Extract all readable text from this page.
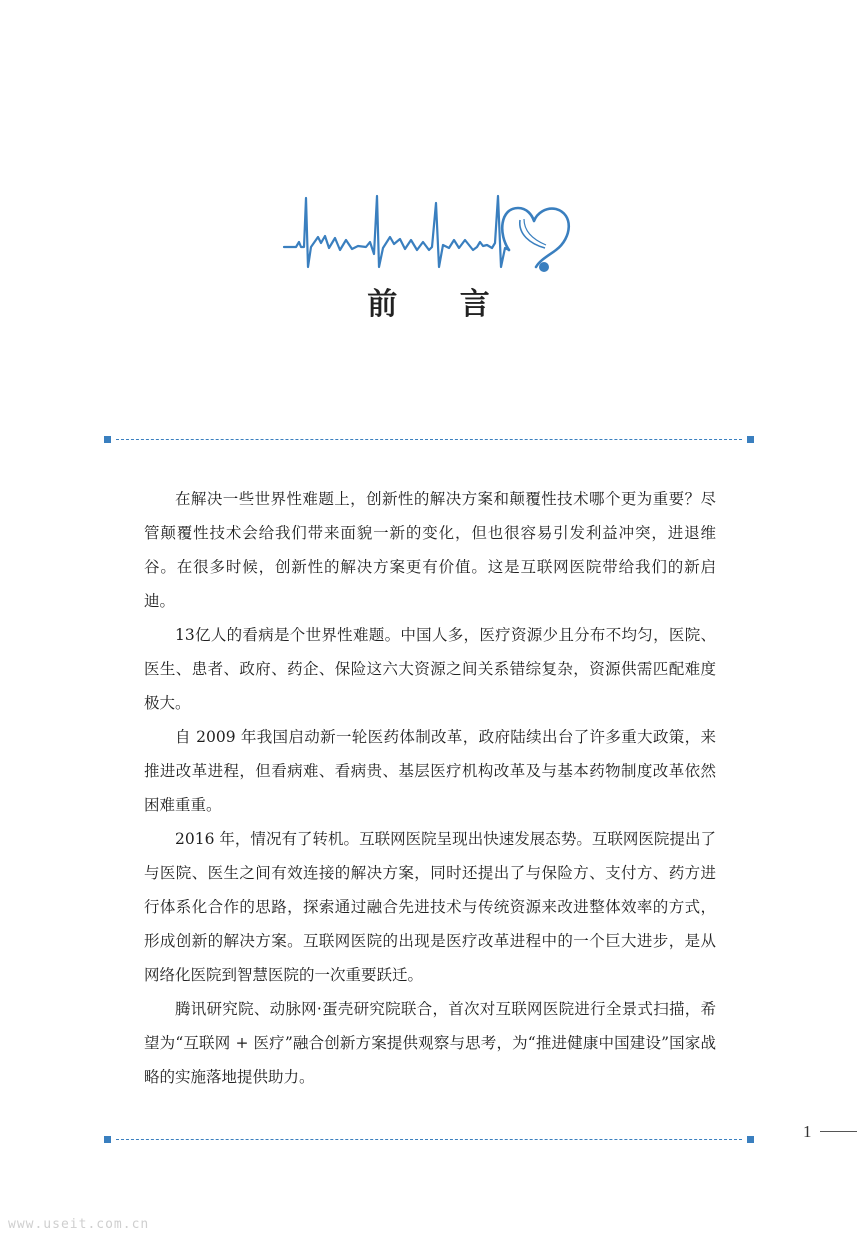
前 言

在解决一些世界性难题上，创新性的解决方案和颠覆性技术哪个更为重要？尽管颠覆性技术会给我们带来面貌一新的变化，但也很容易引发利益冲突，进退维谷。在很多时候，创新性的解决方案更有价值。这是互联网医院带给我们的新启迪。

13亿人的看病是个世界性难题。中国人多，医疗资源少且分布不均匀，医院、医生、患者、政府、药企、保险这六大资源之间关系错综复杂，资源供需匹配难度极大。

自 2009 年我国启动新一轮医药体制改革，政府陆续出台了许多重大政策，来推进改革进程，但看病难、看病贵、基层医疗机构改革及与基本药物制度改革依然困难重重。

2016 年，情况有了转机。互联网医院呈现出快速发展态势。互联网医院提出了与医院、医生之间有效连接的解决方案，同时还提出了与保险方、支付方、药方进行体系化合作的思路，探索通过融合先进技术与传统资源来改进整体效率的方式，形成创新的解决方案。互联网医院的出现是医疗改革进程中的一个巨大进步，是从网络化医院到智慧医院的一次重要跃迁。

腾讯研究院、动脉网·蛋壳研究院联合，首次对互联网医院进行全景式扫描，希望为“互联网 + 医疗”融合创新方案提供观察与思考，为“推进健康中国建设”国家战略的实施落地提供助力。

1
www.useit.com.cn
